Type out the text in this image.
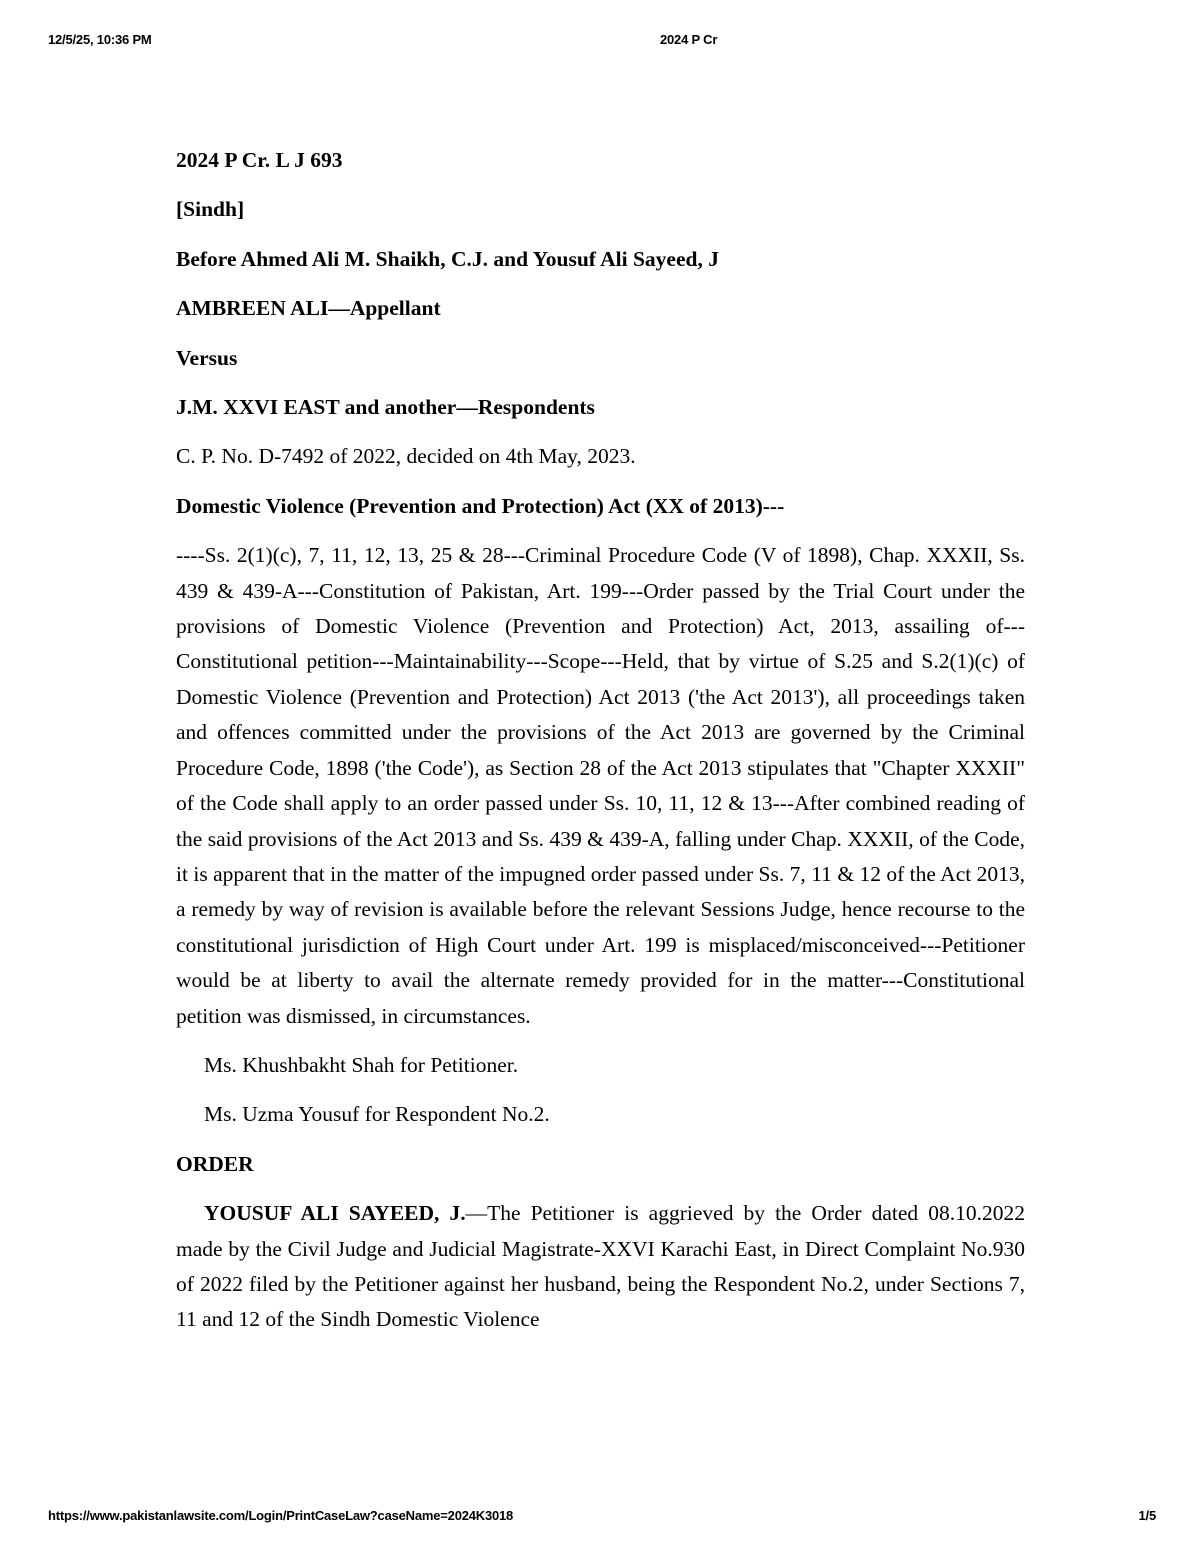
12/5/25, 10:36 PM	2024 P Cr

2024 P Cr. L J 693

[Sindh]

Before Ahmed Ali M. Shaikh, C.J. and Yousuf Ali Sayeed, J

AMBREEN ALI—Appellant

Versus

J.M. XXVI EAST and another—Respondents

C. P. No. D-7492 of 2022, decided on 4th May, 2023.

Domestic Violence (Prevention and Protection) Act (XX of 2013)---

----Ss. 2(1)(c), 7, 11, 12, 13, 25 & 28---Criminal Procedure Code (V of 1898), Chap. XXXII, Ss. 439 & 439-A---Constitution of Pakistan, Art. 199---Order passed by the Trial Court under the provisions of Domestic Violence (Prevention and Protection) Act, 2013, assailing of---Constitutional petition---Maintainability---Scope---Held, that by virtue of S.25 and S.2(1)(c) of Domestic Violence (Prevention and Protection) Act 2013 ('the Act 2013'), all proceedings taken and offences committed under the provisions of the Act 2013 are governed by the Criminal Procedure Code, 1898 ('the Code'), as Section 28 of the Act 2013 stipulates that "Chapter XXXII" of the Code shall apply to an order passed under Ss. 10, 11, 12 & 13---After combined reading of the said provisions of the Act 2013 and Ss. 439 & 439-A, falling under Chap. XXXII, of the Code, it is apparent that in the matter of the impugned order passed under Ss. 7, 11 & 12 of the Act 2013, a remedy by way of revision is available before the relevant Sessions Judge, hence recourse to the constitutional jurisdiction of High Court under Art. 199 is misplaced/misconceived---Petitioner would be at liberty to avail the alternate remedy provided for in the matter---Constitutional petition was dismissed, in circumstances.

Ms. Khushbakht Shah for Petitioner.

Ms. Uzma Yousuf for Respondent No.2.

ORDER

YOUSUF ALI SAYEED, J.—The Petitioner is aggrieved by the Order dated 08.10.2022 made by the Civil Judge and Judicial Magistrate-XXVI Karachi East, in Direct Complaint No.930 of 2022 filed by the Petitioner against her husband, being the Respondent No.2, under Sections 7, 11 and 12 of the Sindh Domestic Violence

https://www.pakistanlawsite.com/Login/PrintCaseLaw?caseName=2024K3018	1/5
